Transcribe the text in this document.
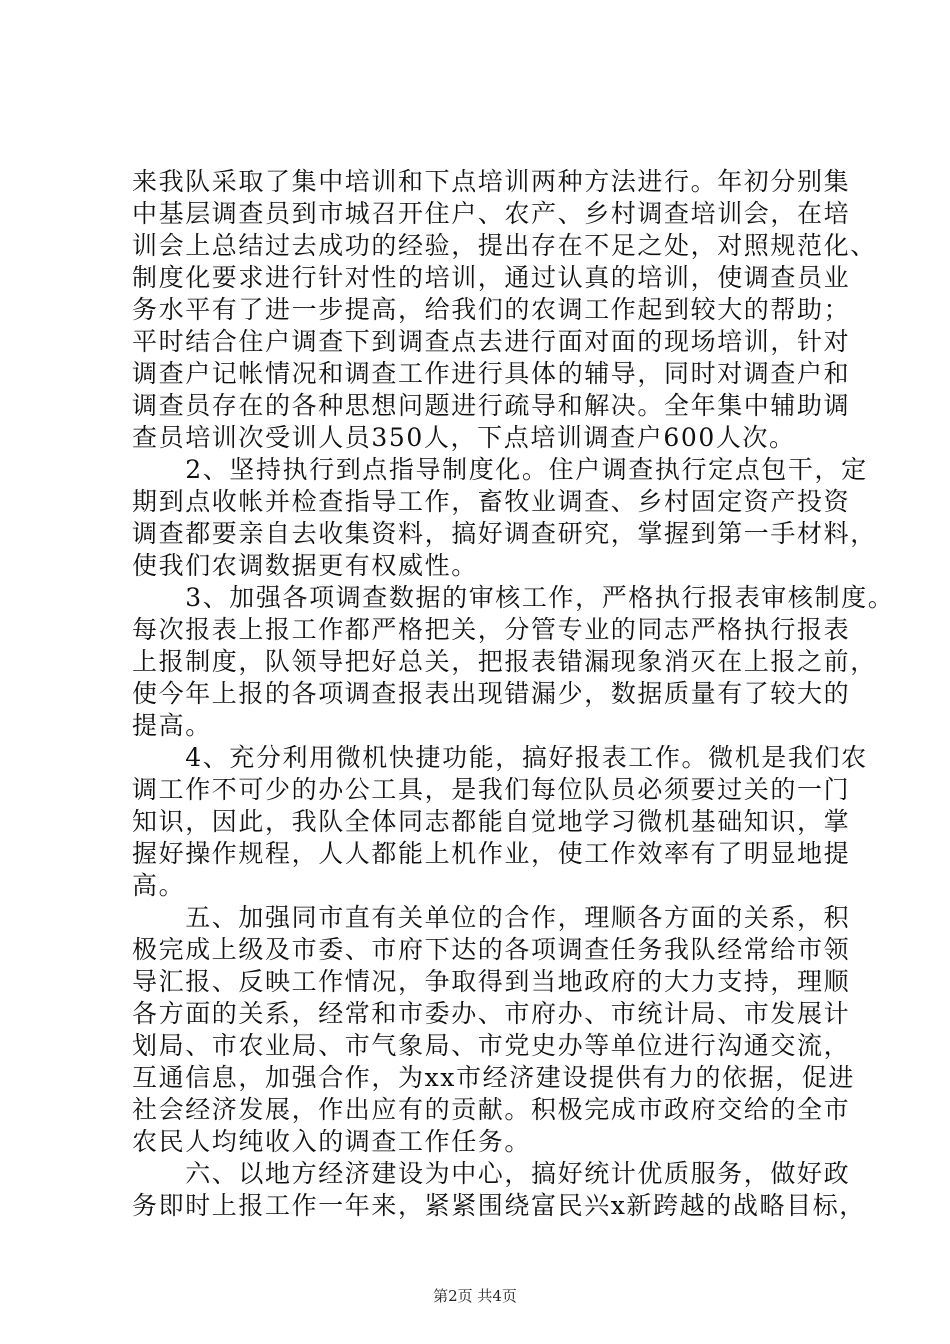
来我队采取了集中培训和下点培训两种方法进行。年初分别集
中基层调查员到市城召开住户、农产、乡村调查培训会，在培
训会上总结过去成功的经验，提出存在不足之处，对照规范化、
制度化要求进行针对性的培训，通过认真的培训，使调查员业
务水平有了进一步提高，给我们的农调工作起到较大的帮助；
平时结合住户调查下到调查点去进行面对面的现场培训，针对
调查户记帐情况和调查工作进行具体的辅导，同时对调查户和
调查员存在的各种思想问题进行疏导和解决。全年集中辅助调
查员培训次受训人员350人，下点培训调查户600人次。
　　2、坚持执行到点指导制度化。住户调查执行定点包干，定
期到点收帐并检查指导工作，畜牧业调查、乡村固定资产投资
调查都要亲自去收集资料，搞好调查研究，掌握到第一手材料，
使我们农调数据更有权威性。
　　3、加强各项调查数据的审核工作，严格执行报表审核制度。
每次报表上报工作都严格把关，分管专业的同志严格执行报表
上报制度，队领导把好总关，把报表错漏现象消灭在上报之前，
使今年上报的各项调查报表出现错漏少，数据质量有了较大的
提高。
　　4、充分利用微机快捷功能，搞好报表工作。微机是我们农
调工作不可少的办公工具，是我们每位队员必须要过关的一门
知识，因此，我队全体同志都能自觉地学习微机基础知识，掌
握好操作规程，人人都能上机作业，使工作效率有了明显地提
高。
　　五、加强同市直有关单位的合作，理顺各方面的关系，积
极完成上级及市委、市府下达的各项调查任务我队经常给市领
导汇报、反映工作情况，争取得到当地政府的大力支持，理顺
各方面的关系，经常和市委办、市府办、市统计局、市发展计
划局、市农业局、市气象局、市党史办等单位进行沟通交流，
互通信息，加强合作，为xx市经济建设提供有力的依据，促进
社会经济发展，作出应有的贡献。积极完成市政府交给的全市
农民人均纯收入的调查工作任务。
　　六、以地方经济建设为中心，搞好统计优质服务，做好政
务即时上报工作一年来，紧紧围绕富民兴x新跨越的战略目标，
第2页 共4页
